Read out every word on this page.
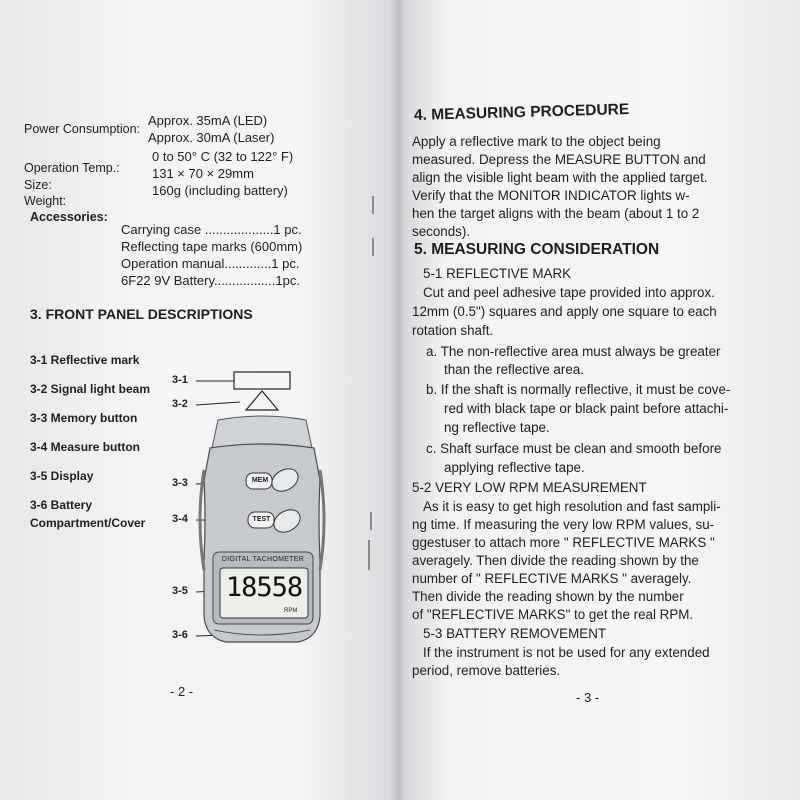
Power Consumption:
Approx. 35mA (LED)
Approx. 30mA (Laser)
Operation Temp.:
0 to 50° C (32 to 122° F)
Size:
131 × 70 × 29mm
Weight:
160g (including battery)
Accessories:
Carrying case ...................1 pc.
Reflecting tape marks (600mm)
Operation manual.............1 pc.
6F22 9V Battery.................1pc.
3. FRONT PANEL DESCRIPTIONS
3-1 Reflective mark
3-2 Signal light beam
3-3 Memory button
3-4 Measure button
3-5 Display
3-6 Battery
Compartment/Cover
3-1
3-2
3-3
3-4
3-5
3-6
MEM
TEST
DIGITAL TACHOMETER
18558
RPM
- 2 -
4. MEASURING PROCEDURE
Apply a reflective mark to the object being
measured. Depress the MEASURE BUTTON and
align the visible light beam with the applied target.
Verify that the MONITOR INDICATOR lights w-
hen the target aligns with the beam (about 1 to 2
seconds).
5. MEASURING CONSIDERATION
5-1 REFLECTIVE MARK
Cut and peel adhesive tape provided into approx.
12mm (0.5") squares and apply one square to each
rotation shaft.
a. The non-reflective area must always be greater
than the reflective area.
b. If the shaft is normally reflective, it must be cove-
red with black tape or black paint before attachi-
ng reflective tape.
c. Shaft surface must be clean and smooth before
applying reflective tape.
5-2 VERY LOW RPM MEASUREMENT
As it is easy to get high resolution and fast sampli-
ng time. If measuring the very low RPM values, su-
ggestuser to attach more " REFLECTIVE MARKS "
averagely. Then divide the reading shown by the
number of " REFLECTIVE MARKS " averagely.
Then divide the reading shown by the number
of "REFLECTIVE MARKS" to get the real RPM.
5-3 BATTERY REMOVEMENT
If the instrument is not be used for any extended
period, remove batteries.
- 3 -
